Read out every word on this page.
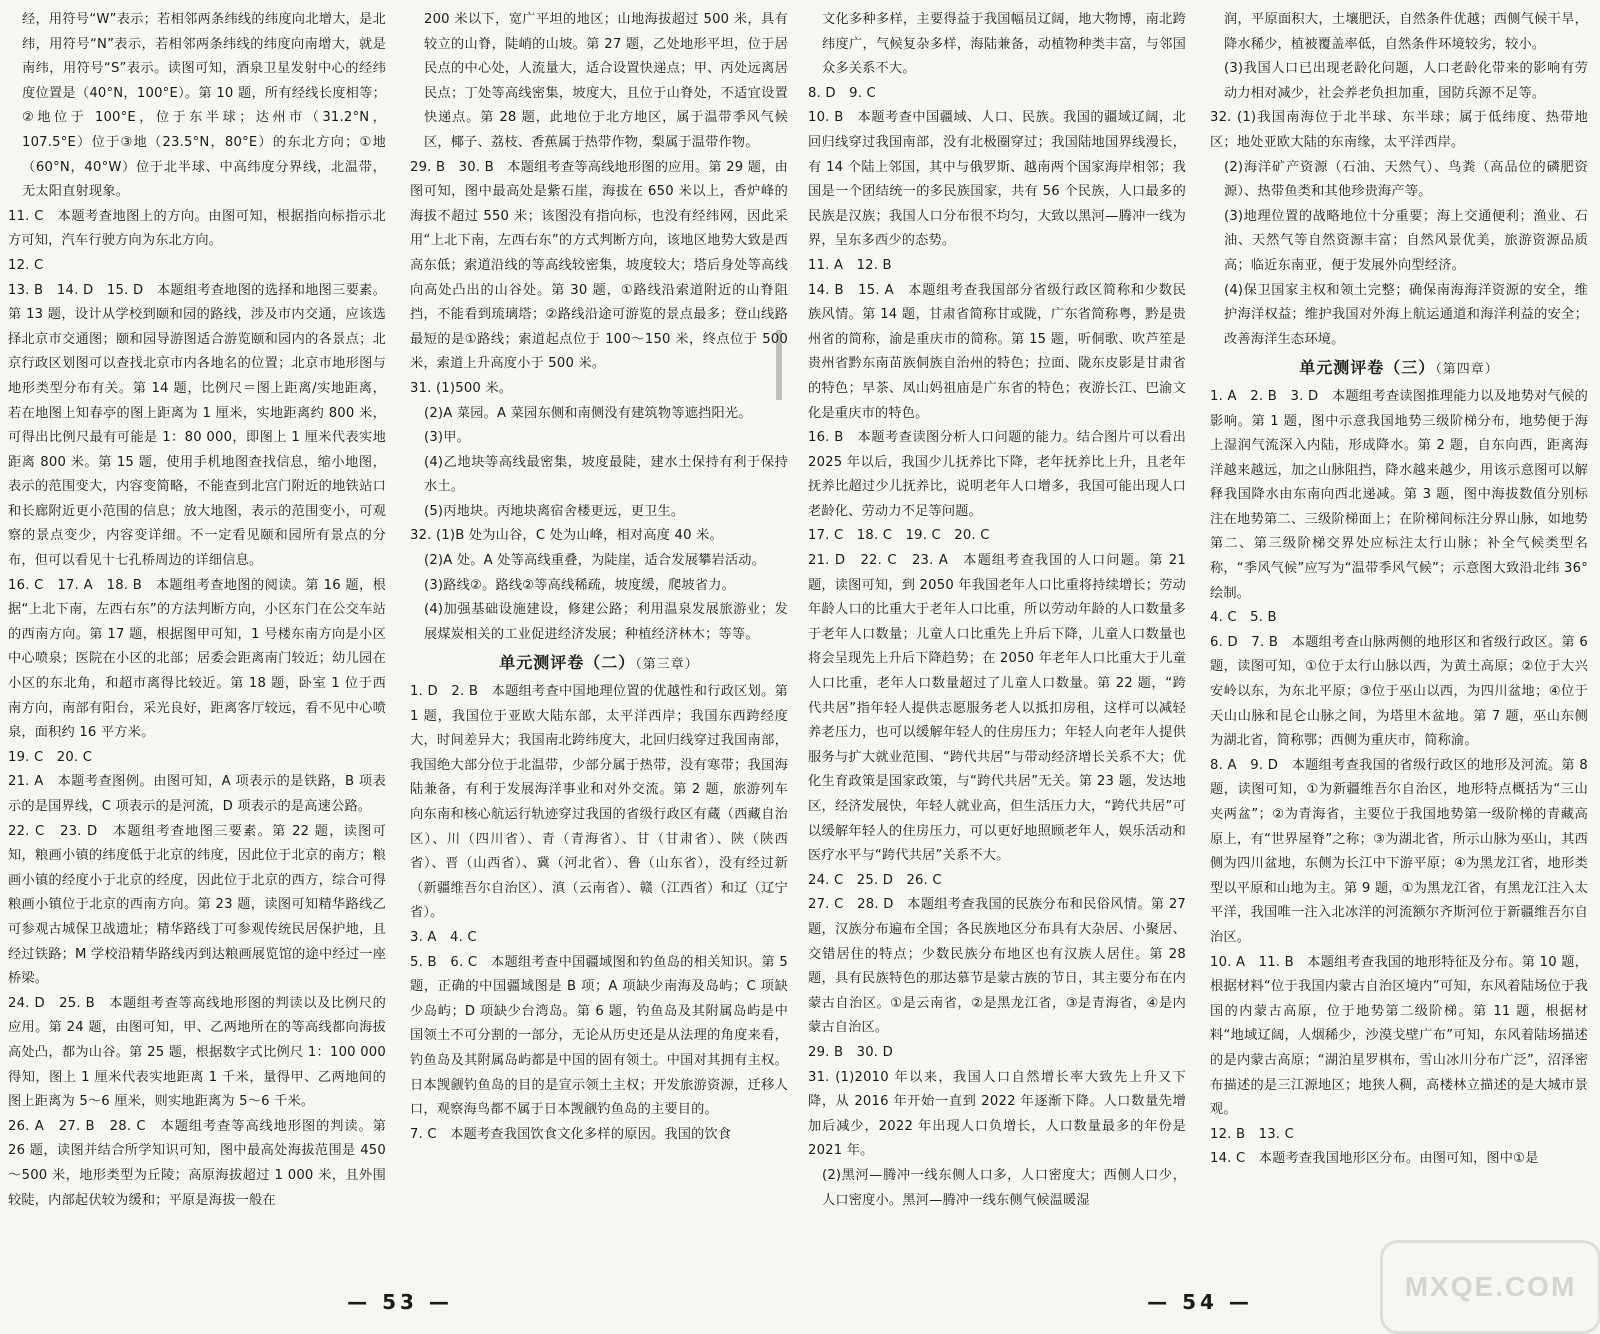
经，用符号“W”表示；若相邻两条纬线的纬度向北增大，是北纬，用符号“N”表示，若相邻两条纬线的纬度向南增大，就是南纬，用符号“S”表示。读图可知，酒泉卫星发射中心的经纬度位置是（40°N，100°E）。第 10 题，所有经线长度相等；②地位于 100°E，位于东半球；达州市（31.2°N，107.5°E）位于③地（23.5°N，80°E）的东北方向；①地（60°N，40°W）位于北半球、中高纬度分界线，北温带，无太阳直射现象。

11. C　本题考查地图上的方向。由图可知，根据指向标指示北方可知，汽车行驶方向为东北方向。

12. C

13. B　14. D　15. D　本题组考查地图的选择和地图三要素。第 13 题，设计从学校到颐和园的路线，涉及市内交通，应该选择北京市交通图；颐和园导游图适合游览颐和园内的各景点；北京行政区划图可以查找北京市内各地名的位置；北京市地形图与地形类型分布有关。第 14 题，比例尺＝图上距离/实地距离，若在地图上知春亭的图上距离为 1 厘米，实地距离约 800 米，可得出比例尺最有可能是 1：80 000，即图上 1 厘米代表实地距离 800 米。第 15 题，使用手机地图查找信息，缩小地图，表示的范围变大，内容变简略，不能查到北宫门附近的地铁站口和长廊附近更小范围的信息；放大地图，表示的范围变小，可观察的景点变少，内容变详细。不一定看见颐和园所有景点的分布，但可以看见十七孔桥周边的详细信息。

16. C　17. A　18. B　本题组考查地图的阅读。第 16 题，根据“上北下南，左西右东”的方法判断方向，小区东门在公交车站的西南方向。第 17 题，根据图甲可知，1 号楼东南方向是小区中心喷泉；医院在小区的北部；居委会距离南门较近；幼儿园在小区的东北角，和超市离得比较近。第 18 题，卧室 1 位于西南方向，南部有阳台，采光良好，距离客厅较远，看不见中心喷泉，面积约 16 平方米。

19. C　20. C

21. A　本题考查图例。由图可知，A 项表示的是铁路，B 项表示的是国界线，C 项表示的是河流，D 项表示的是高速公路。

22. C　23. D　本题组考查地图三要素。第 22 题，读图可知，粮画小镇的纬度低于北京的纬度，因此位于北京的南方；粮画小镇的经度小于北京的经度，因此位于北京的西方，综合可得粮画小镇位于北京的西南方向。第 23 题，读图可知精华路线乙可参观古城保卫战遗址；精华路线丁可参观传统民居保护地，且经过铁路；M 学校沿精华路线丙到达粮画展览馆的途中经过一座桥梁。

24. D　25. B　本题组考查等高线地形图的判读以及比例尺的应用。第 24 题，由图可知，甲、乙两地所在的等高线都向海拔高处凸，都为山谷。第 25 题，根据数字式比例尺 1：100 000 得知，图上 1 厘米代表实地距离 1 千米，量得甲、乙两地间的图上距离为 5～6 厘米，则实地距离为 5～6 千米。

26. A　27. B　28. C　本题组考查等高线地形图的判读。第 26 题，读图并结合所学知识可知，图中最高处海拔范围是 450～500 米，地形类型为丘陵；高原海拔超过 1 000 米，且外围较陡，内部起伏较为缓和；平原是海拔一般在

200 米以下，宽广平坦的地区；山地海拔超过 500 米，具有较立的山脊，陡峭的山坡。第 27 题，乙处地形平坦，位于居民点的中心处，人流量大，适合设置快递点；甲、丙处远离居民点；丁处等高线密集，坡度大，且位于山脊处，不适宜设置快递点。第 28 题，此地位于北方地区，属于温带季风气候区，椰子、荔枝、香蕉属于热带作物，梨属于温带作物。

29. B　30. B　本题组考查等高线地形图的应用。第 29 题，由图可知，图中最高处是紫石崖，海拔在 650 米以上，香炉峰的海拔不超过 550 米；该图没有指向标，也没有经纬网，因此采用“上北下南，左西右东”的方式判断方向，该地区地势大致是西高东低；索道沿线的等高线较密集，坡度较大；塔后身处等高线向高处凸出的山谷处。第 30 题，①路线沿索道附近的山脊阻挡，不能看到琉璃塔；②路线沿途可游览的景点最多；登山线路最短的是①路线；索道起点位于 100～150 米，终点位于 500 米，索道上升高度小于 500 米。

31. (1)500 米。

(2)A 菜园。A 菜园东侧和南侧没有建筑物等遮挡阳光。

(3)甲。

(4)乙地块等高线最密集，坡度最陡，建水土保持有利于保持水土。

(5)丙地块。丙地块离宿舍楼更远，更卫生。

32. (1)B 处为山谷，C 处为山峰，相对高度 40 米。

(2)A 处。A 处等高线重叠，为陡崖，适合发展攀岩活动。

(3)路线②。路线②等高线稀疏，坡度缓，爬坡省力。

(4)加强基础设施建设，修建公路；利用温泉发展旅游业；发展煤炭相关的工业促进经济发展；种植经济林木；等等。

单元测评卷（二）（第三章）

1. D　2. B　本题组考查中国地理位置的优越性和行政区划。第 1 题，我国位于亚欧大陆东部，太平洋西岸；我国东西跨经度大，时间差异大；我国南北跨纬度大，北回归线穿过我国南部，我国绝大部分位于北温带，少部分属于热带，没有寒带；我国海陆兼备，有利于发展海洋事业和对外交流。第 2 题，旅游列车向东南和核心航运行轨迹穿过我国的省级行政区有蔵（西藏自治区）、川（四川省）、青（青海省）、甘（甘肃省）、陕（陕西省）、晋（山西省）、冀（河北省）、鲁（山东省），没有经过新（新疆维吾尔自治区）、滇（云南省）、赣（江西省）和辽（辽宁省）。

3. A　4. C

5. B　6. C　本题组考查中国疆域图和钓鱼岛的相关知识。第 5 题，正确的中国疆域图是 B 项；A 项缺少南海及岛屿；C 项缺少岛屿；D 项缺少台湾岛。第 6 题，钓鱼岛及其附属岛屿是中国领土不可分割的一部分，无论从历史还是从法理的角度来看，钓鱼岛及其附属岛屿都是中国的固有领土。中国对其拥有主权。日本觊觎钓鱼岛的目的是宣示领土主权；开发旅游资源，迁移人口，观察海鸟都不属于日本觊觎钓鱼岛的主要目的。

7. C　本题考查我国饮食文化多样的原因。我国的饮食

— 53 —

文化多种多样，主要得益于我国幅员辽阔，地大物博，南北跨纬度广，气候复杂多样，海陆兼备，动植物种类丰富，与邻国众多关系不大。

8. D　9. C

10. B　本题考查中国疆域、人口、民族。我国的疆域辽阔，北回归线穿过我国南部，没有北极圈穿过；我国陆地国界线漫长，有 14 个陆上邻国，其中与俄罗斯、越南两个国家海岸相邻；我国是一个团结统一的多民族国家，共有 56 个民族，人口最多的民族是汉族；我国人口分布很不均匀，大致以黑河—腾冲一线为界，呈东多西少的态势。

11. A　12. B

14. B　15. A　本题组考查我国部分省级行政区简称和少数民族风情。第 14 题，甘肃省简称甘或陇，广东省简称粤，黔是贵州省的简称，渝是重庆市的简称。第 15 题，听侗歌、吹芦笙是贵州省黔东南苗族侗族自治州的特色；拉面、陇东皮影是甘肃省的特色；早茶、凤山妈祖庙是广东省的特色；夜游长江、巴渝文化是重庆市的特色。

16. B　本题考查读图分析人口问题的能力。结合图片可以看出 2025 年以后，我国少儿抚养比下降，老年抚养比上升，且老年抚养比超过少儿抚养比，说明老年人口增多，我国可能出现人口老龄化、劳动力不足等问题。

17. C　18. C　19. C　20. C

21. D　22. C　23. A　本题组考查我国的人口问题。第 21 题，读图可知，到 2050 年我国老年人口比重将持续增长；劳动年龄人口的比重大于老年人口比重，所以劳动年龄的人口数量多于老年人口数量；儿童人口比重先上升后下降，儿童人口数量也将会呈现先上升后下降趋势；在 2050 年老年人口比重大于儿童人口比重，老年人口数量超过了儿童人口数量。第 22 题，“跨代共居”指年轻人提供志愿服务老人以抵扣房租，这样可以减轻养老压力，也可以缓解年轻人的住房压力；年轻人向老年人提供服务与扩大就业范围、“跨代共居”与带动经济增长关系不大；优化生育政策是国家政策，与“跨代共居”无关。第 23 题，发达地区，经济发展快，年轻人就业高，但生活压力大，“跨代共居”可以缓解年轻人的住房压力，可以更好地照顾老年人，娱乐活动和医疗水平与“跨代共居”关系不大。

24. C　25. D　26. C

27. C　28. D　本题组考查我国的民族分布和民俗风情。第 27 题，汉族分布遍布全国；各民族地区分布具有大杂居、小聚居、交错居住的特点；少数民族分布地区也有汉族人居住。第 28 题，具有民族特色的那达慕节是蒙古族的节日，其主要分布在内蒙古自治区。①是云南省，②是黑龙江省，③是青海省，④是内蒙古自治区。

29. B　30. D

31. (1)2010 年以来，我国人口自然增长率大致先上升又下降，从 2016 年开始一直到 2022 年逐渐下降。人口数量先增加后减少，2022 年出现人口负增长，人口数量最多的年份是 2021 年。

(2)黑河—腾冲一线东侧人口多，人口密度大；西侧人口少，人口密度小。黑河—腾冲一线东侧气候温暖湿

润，平原面积大，土壤肥沃，自然条件优越；西侧气候干旱，降水稀少，植被覆盖率低，自然条件环境较劣，较小。

(3)我国人口已出现老龄化问题，人口老龄化带来的影响有劳动力相对减少，社会养老负担加重，国防兵源不足等。

32. (1)我国南海位于北半球、东半球；属于低纬度、热带地区；地处亚欧大陆的东南缘，太平洋西岸。

(2)海洋矿产资源（石油、天然气）、鸟粪（高品位的磷肥资源）、热带鱼类和其他珍贵海产等。

(3)地理位置的战略地位十分重要；海上交通便利；渔业、石油、天然气等自然资源丰富；自然风景优美，旅游资源品质高；临近东南亚，便于发展外向型经济。

(4)保卫国家主权和领土完整；确保南海海洋资源的安全，维护海洋权益；维护我国对外海上航运通道和海洋利益的安全；改善海洋生态环境。

单元测评卷（三）（第四章）

1. A　2. B　3. D　本题组考查读图推理能力以及地势对气候的影响。第 1 题，图中示意我国地势三级阶梯分布，地势便于海上湿润气流深入内陆，形成降水。第 2 题，自东向西，距离海洋越来越远，加之山脉阻挡，降水越来越少，用该示意图可以解释我国降水由东南向西北递减。第 3 题，图中海拔数值分别标注在地势第二、三级阶梯面上；在阶梯间标注分界山脉，如地势第二、第三级阶梯交界处应标注太行山脉；补全气候类型名称，“季风气候”应写为“温带季风气候”；示意图大致沿北纬 36°绘制。

4. C　5. B

6. D　7. B　本题组考查山脉两侧的地形区和省级行政区。第 6 题，读图可知，①位于太行山脉以西，为黄土高原；②位于大兴安岭以东，为东北平原；③位于巫山以西，为四川盆地；④位于天山山脉和昆仑山脉之间，为塔里木盆地。第 7 题，巫山东侧为湖北省，简称鄂；西侧为重庆市，简称渝。

8. A　9. D　本题组考查我国的省级行政区的地形及河流。第 8 题，读图可知，①为新疆维吾尔自治区，地形特点概括为“三山夹两盆”；②为青海省，主要位于我国地势第一级阶梯的青藏高原上，有“世界屋脊”之称；③为湖北省，所示山脉为巫山，其西侧为四川盆地，东侧为长江中下游平原；④为黑龙江省，地形类型以平原和山地为主。第 9 题，①为黑龙江省，有黑龙江注入太平洋，我国唯一注入北冰洋的河流额尔齐斯河位于新疆维吾尔自治区。

10. A　11. B　本题组考查我国的地形特征及分布。第 10 题，根据材料“位于我国内蒙古自治区境内”可知，东风着陆场位于我国的内蒙古高原，位于地势第二级阶梯。第 11 题，根据材料“地域辽阔，人烟稀少，沙漠戈壁广布”可知，东风着陆场描述的是内蒙古高原；“湖泊星罗棋布，雪山冰川分布广泛”，沼泽密布描述的是三江源地区；地狭人稠，高楼林立描述的是大城市景观。

12. B　13. C

14. C　本题考查我国地形区分布。由图可知，图中①是

— 54 —	MXQE.COM
